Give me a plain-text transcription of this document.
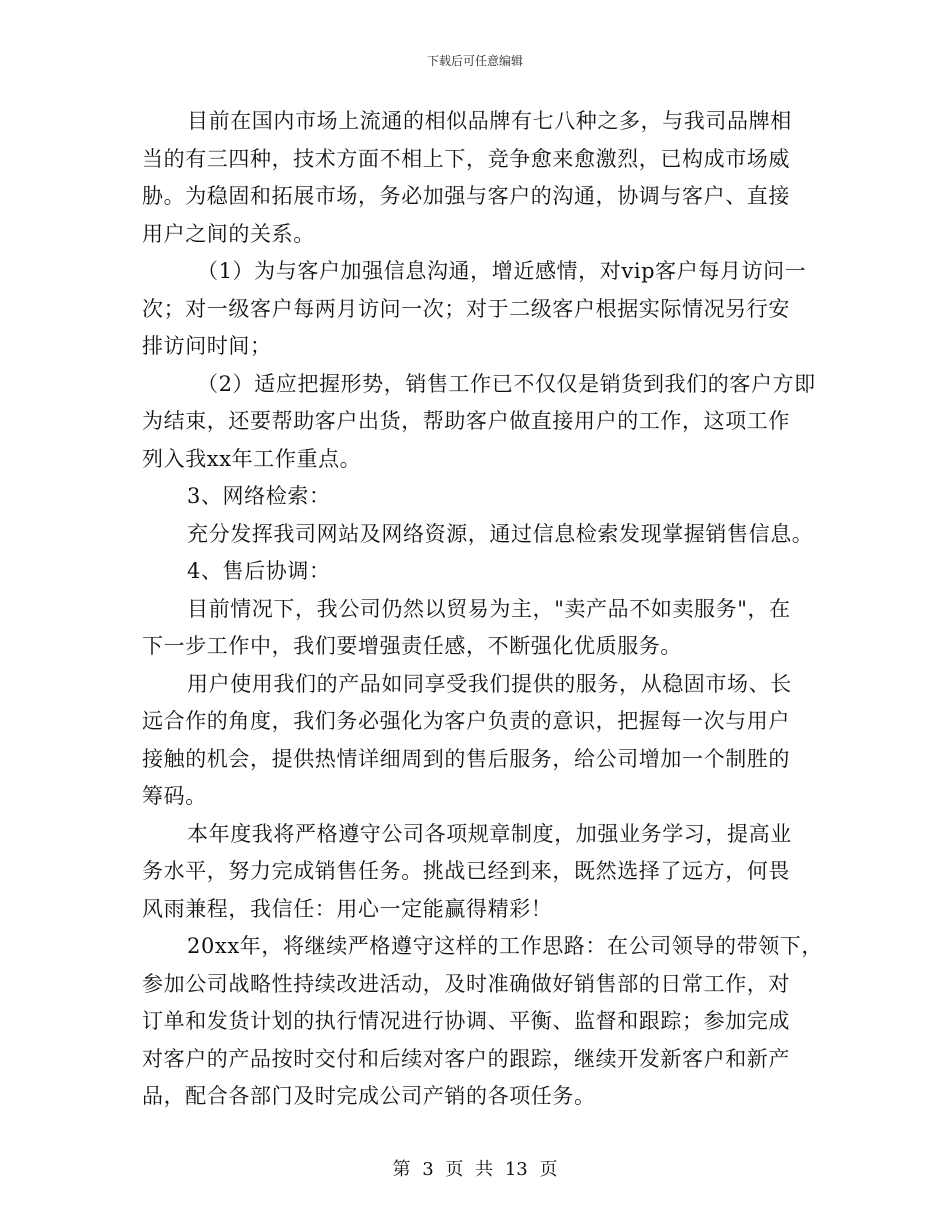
下载后可任意编辑
目前在国内市场上流通的相似品牌有七八种之多，与我司品牌相
当的有三四种，技术方面不相上下，竞争愈来愈激烈，已构成市场威
胁。为稳固和拓展市场，务必加强与客户的沟通，协调与客户、直接
用户之间的关系。
（1）为与客户加强信息沟通，增近感情，对vip客户每月访问一
次；对一级客户每两月访问一次；对于二级客户根据实际情况另行安
排访问时间；
（2）适应把握形势，销售工作已不仅仅是销货到我们的客户方即
为结束，还要帮助客户出货，帮助客户做直接用户的工作，这项工作
列入我xx年工作重点。
3、网络检索：
充分发挥我司网站及网络资源，通过信息检索发现掌握销售信息。
4、售后协调：
目前情况下，我公司仍然以贸易为主，"卖产品不如卖服务"，在
下一步工作中，我们要增强责任感，不断强化优质服务。
用户使用我们的产品如同享受我们提供的服务，从稳固市场、长
远合作的角度，我们务必强化为客户负责的意识，把握每一次与用户
接触的机会，提供热情详细周到的售后服务，给公司增加一个制胜的
筹码。
本年度我将严格遵守公司各项规章制度，加强业务学习，提高业
务水平，努力完成销售任务。挑战已经到来，既然选择了远方，何畏
风雨兼程，我信任：用心一定能赢得精彩！
20xx年，将继续严格遵守这样的工作思路：在公司领导的带领下，
参加公司战略性持续改进活动，及时准确做好销售部的日常工作，对
订单和发货计划的执行情况进行协调、平衡、监督和跟踪；参加完成
对客户的产品按时交付和后续对客户的跟踪，继续开发新客户和新产
品，配合各部门及时完成公司产销的各项任务。
第 3 页 共 13 页
